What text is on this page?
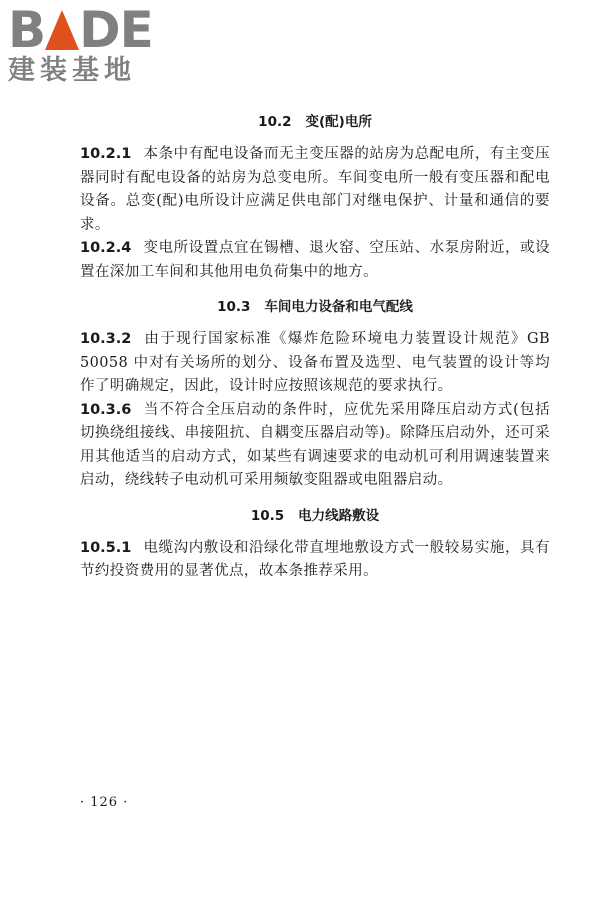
B DE
建装基地
10.2 变(配)电所

10.2.1 本条中有配电设备而无主变压器的站房为总配电所，有主变压器同时有配电设备的站房为总变电所。车间变电所一般有变压器和配电设备。总变(配)电所设计应满足供电部门对继电保护、计量和通信的要求。

10.2.4 变电所设置点宜在锡槽、退火窑、空压站、水泵房附近，或设置在深加工车间和其他用电负荷集中的地方。

10.3 车间电力设备和电气配线

10.3.2 由于现行国家标准《爆炸危险环境电力装置设计规范》GB 50058 中对有关场所的划分、设备布置及选型、电气装置的设计等均作了明确规定，因此，设计时应按照该规范的要求执行。

10.3.6 当不符合全压启动的条件时，应优先采用降压启动方式(包括切换绕组接线、串接阻抗、自耦变压器启动等)。除降压启动外，还可采用其他适当的启动方式，如某些有调速要求的电动机可利用调速装置来启动，绕线转子电动机可采用频敏变阻器或电阻器启动。

10.5 电力线路敷设

10.5.1 电缆沟内敷设和沿绿化带直埋地敷设方式一般较易实施，具有节约投资费用的显著优点，故本条推荐采用。

· 126 ·
